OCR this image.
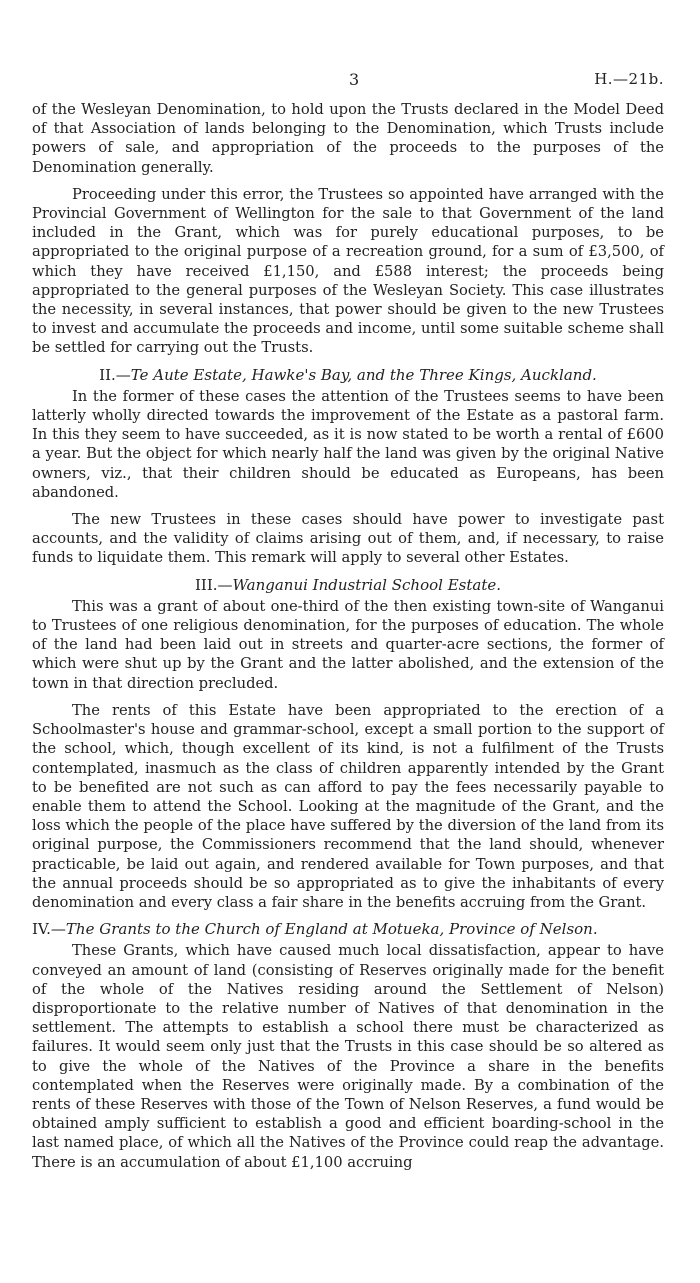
3	H.—21b.

of the Wesleyan Denomination, to hold upon the Trusts declared in the Model Deed of that Association of lands belonging to the Denomination, which Trusts include powers of sale, and appropriation of the proceeds to the purposes of the Denomination generally.

Proceeding under this error, the Trustees so appointed have arranged with the Provincial Government of Wellington for the sale to that Government of the land included in the Grant, which was for purely educational purposes, to be appropriated to the original purpose of a recreation ground, for a sum of £3,500, of which they have received £1,150, and £588 interest; the proceeds being appropriated to the general purposes of the Wesleyan Society. This case illustrates the necessity, in several instances, that power should be given to the new Trustees to invest and accumulate the proceeds and income, until some suitable scheme shall be settled for carrying out the Trusts.

II.—Te Aute Estate, Hawke's Bay, and the Three Kings, Auckland.

In the former of these cases the attention of the Trustees seems to have been latterly wholly directed towards the improvement of the Estate as a pastoral farm. In this they seem to have succeeded, as it is now stated to be worth a rental of £600 a year. But the object for which nearly half the land was given by the original Native owners, viz., that their children should be educated as Europeans, has been abandoned.

The new Trustees in these cases should have power to investigate past accounts, and the validity of claims arising out of them, and, if necessary, to raise funds to liquidate them. This remark will apply to several other Estates.

III.—Wanganui Industrial School Estate.

This was a grant of about one-third of the then existing town-site of Wanganui to Trustees of one religious denomination, for the purposes of education. The whole of the land had been laid out in streets and quarter-acre sections, the former of which were shut up by the Grant and the latter abolished, and the extension of the town in that direction precluded.

The rents of this Estate have been appropriated to the erection of a Schoolmaster's house and grammar-school, except a small portion to the support of the school, which, though excellent of its kind, is not a fulfilment of the Trusts contemplated, inasmuch as the class of children apparently intended by the Grant to be benefited are not such as can afford to pay the fees necessarily payable to enable them to attend the School. Looking at the magnitude of the Grant, and the loss which the people of the place have suffered by the diversion of the land from its original purpose, the Commissioners recommend that the land should, whenever practicable, be laid out again, and rendered available for Town purposes, and that the annual proceeds should be so appropriated as to give the inhabitants of every denomination and every class a fair share in the benefits accruing from the Grant.

IV.—The Grants to the Church of England at Motueka, Province of Nelson.

These Grants, which have caused much local dissatisfaction, appear to have conveyed an amount of land (consisting of Reserves originally made for the benefit of the whole of the Natives residing around the Settlement of Nelson) disproportionate to the relative number of Natives of that denomination in the settlement. The attempts to establish a school there must be characterized as failures. It would seem only just that the Trusts in this case should be so altered as to give the whole of the Natives of the Province a share in the benefits contemplated when the Reserves were originally made. By a combination of the rents of these Reserves with those of the Town of Nelson Reserves, a fund would be obtained amply sufficient to establish a good and efficient boarding-school in the last named place, of which all the Natives of the Province could reap the advantage. There is an accumulation of about £1,100 accruing
